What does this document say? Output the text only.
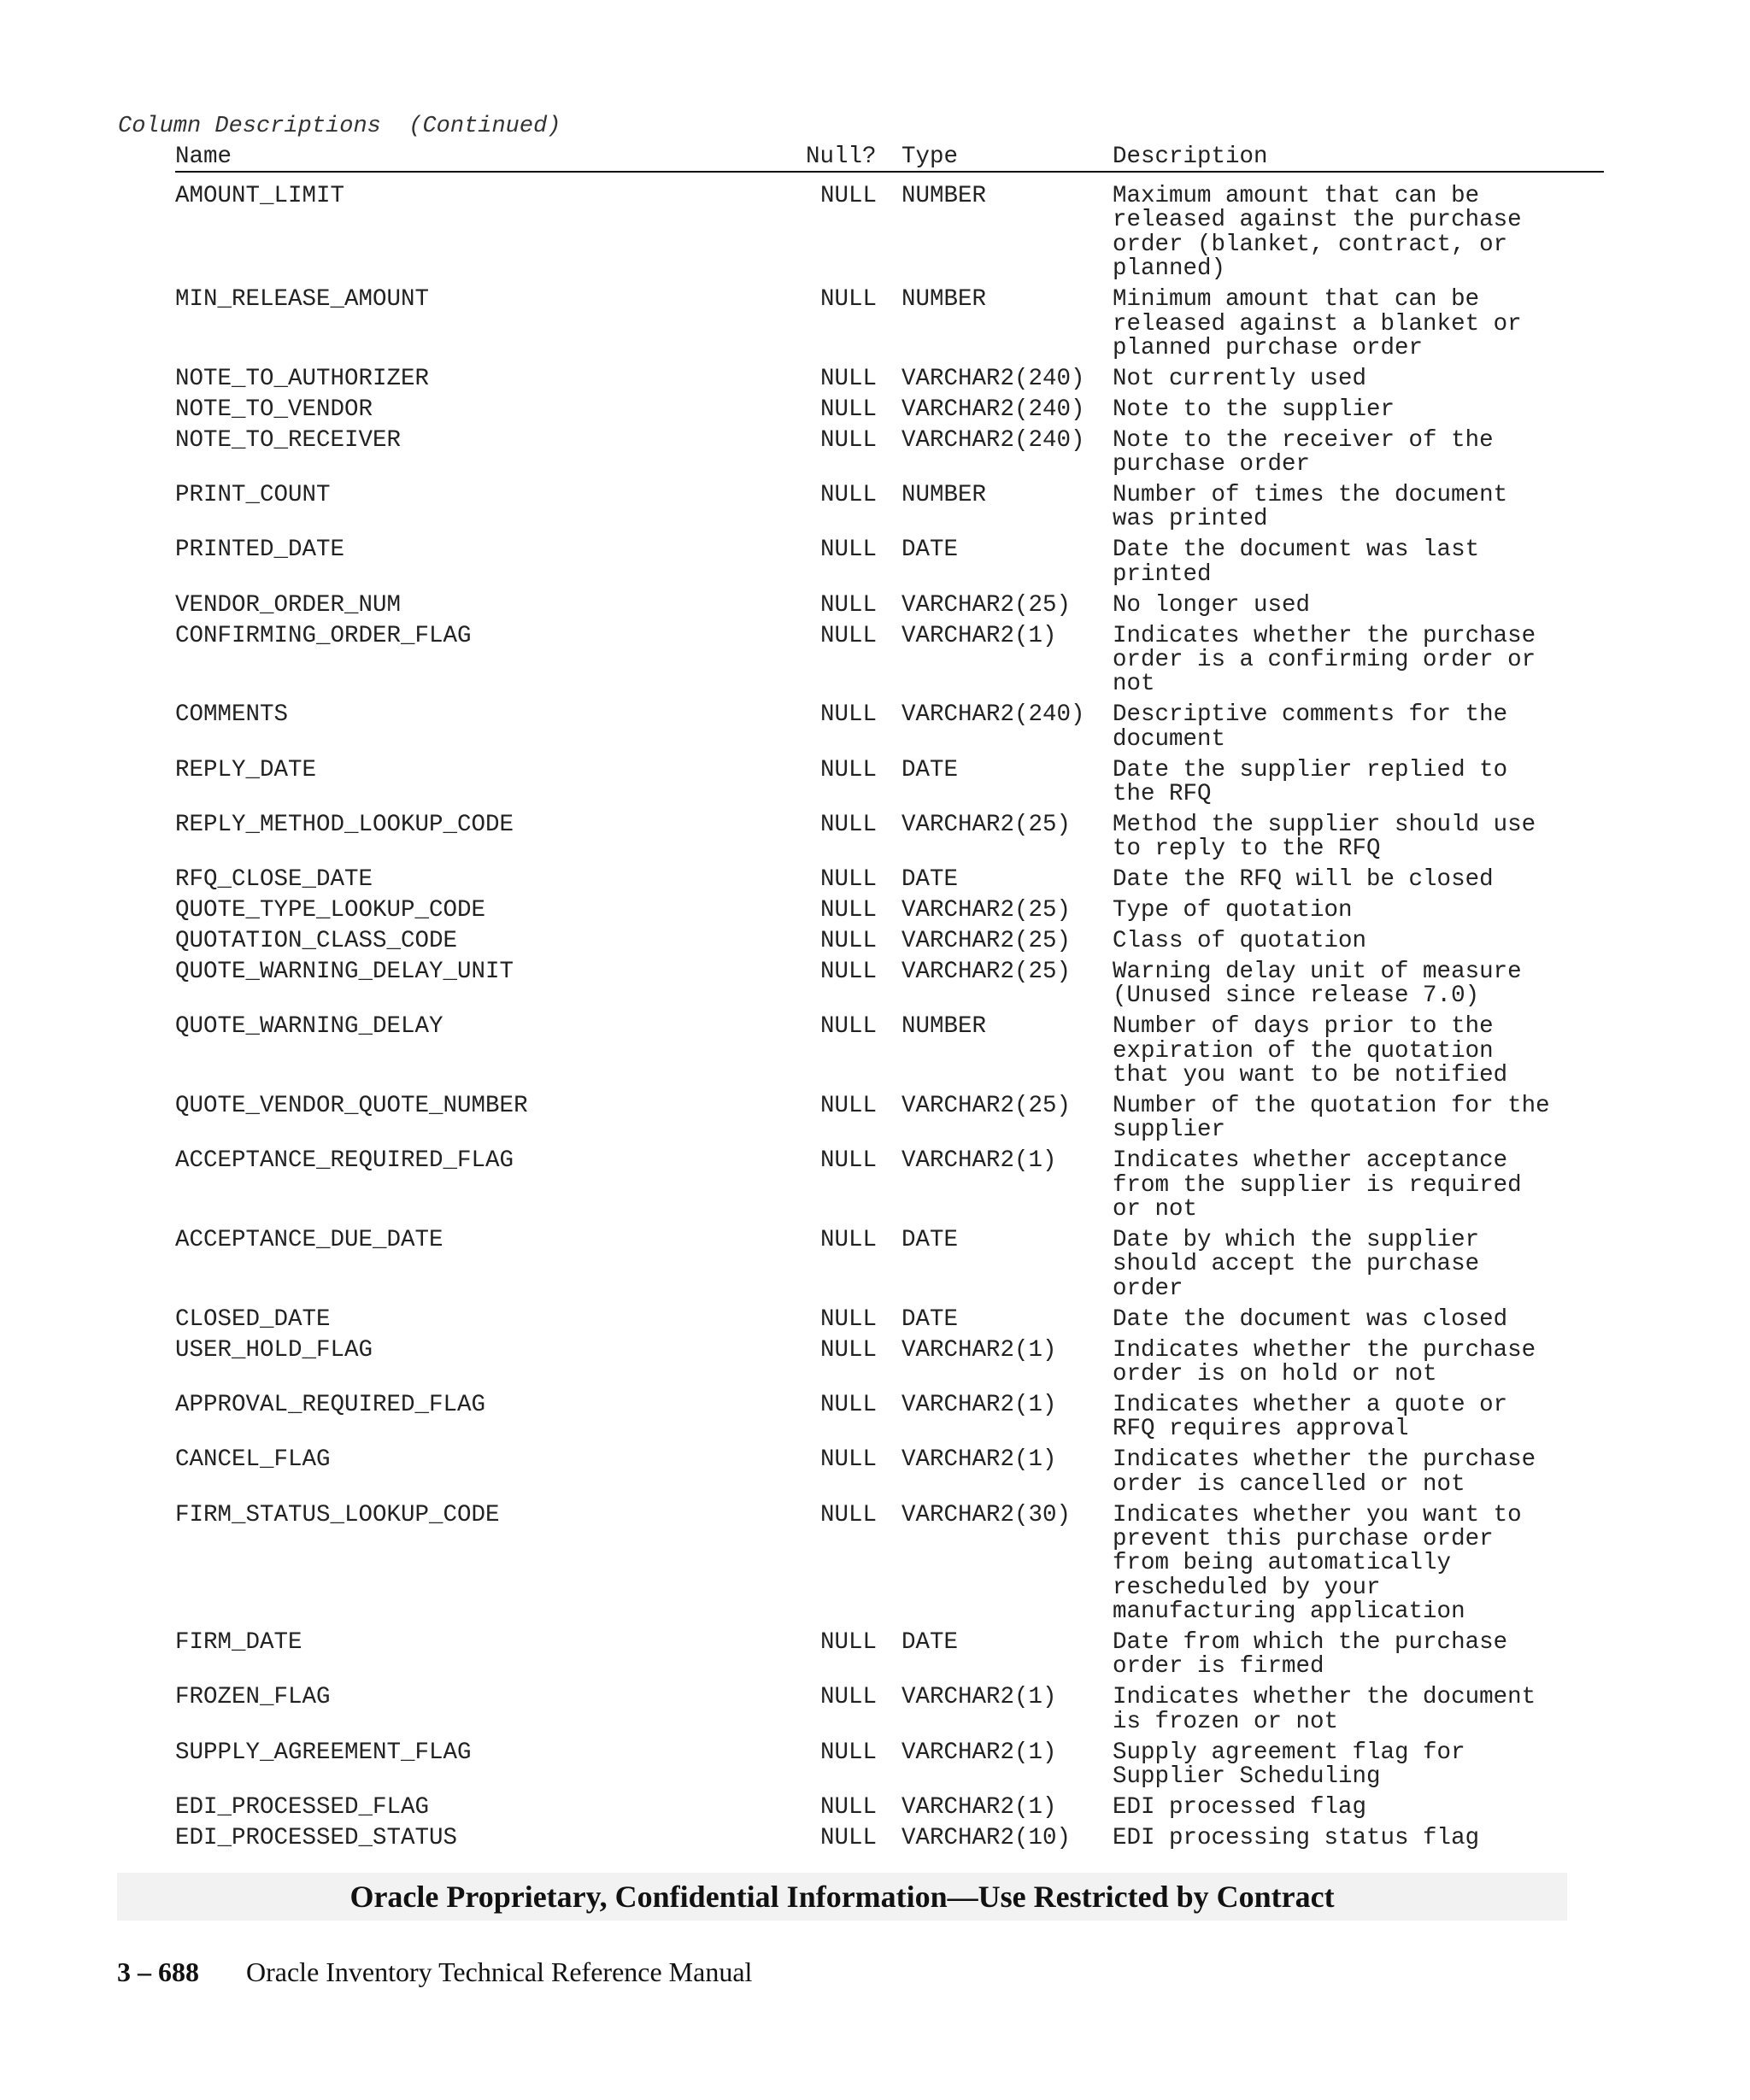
Column Descriptions  (Continued)
Name	Null? Type	Description
AMOUNT_LIMIT	NULL NUMBER	Maximum amount that can be
released against the purchase
order (blanket, contract, or
planned)
MIN_RELEASE_AMOUNT	NULL NUMBER	Minimum amount that can be
released against a blanket or
planned purchase order
NOTE_TO_AUTHORIZER	NULL VARCHAR2(240) Not currently used
NOTE_TO_VENDOR	NULL VARCHAR2(240) Note to the supplier
NOTE_TO_RECEIVER	NULL VARCHAR2(240) Note to the receiver of the
purchase order
PRINT_COUNT	NULL NUMBER	Number of times the document
was printed
PRINTED_DATE	NULL DATE	Date the document was last
printed
VENDOR_ORDER_NUM	NULL VARCHAR2(25) No longer used
CONFIRMING_ORDER_FLAG	NULL VARCHAR2(1) Indicates whether the purchase
order is a confirming order or
not
COMMENTS	NULL VARCHAR2(240) Descriptive comments for the
document
REPLY_DATE	NULL DATE	Date the supplier replied to
the RFQ
REPLY_METHOD_LOOKUP_CODE	NULL VARCHAR2(25) Method the supplier should use
to reply to the RFQ
RFQ_CLOSE_DATE	NULL DATE	Date the RFQ will be closed
QUOTE_TYPE_LOOKUP_CODE	NULL VARCHAR2(25) Type of quotation
QUOTATION_CLASS_CODE	NULL VARCHAR2(25) Class of quotation
QUOTE_WARNING_DELAY_UNIT	NULL VARCHAR2(25) Warning delay unit of measure
(Unused since release 7.0)
QUOTE_WARNING_DELAY	NULL NUMBER	Number of days prior to the
expiration of the quotation
that you want to be notified
QUOTE_VENDOR_QUOTE_NUMBER	NULL VARCHAR2(25) Number of the quotation for the
supplier
ACCEPTANCE_REQUIRED_FLAG	NULL VARCHAR2(1) Indicates whether acceptance
from the supplier is required
or not
ACCEPTANCE_DUE_DATE	NULL DATE	Date by which the supplier
should accept the purchase
order
CLOSED_DATE	NULL DATE	Date the document was closed
USER_HOLD_FLAG	NULL VARCHAR2(1) Indicates whether the purchase
order is on hold or not
APPROVAL_REQUIRED_FLAG	NULL VARCHAR2(1) Indicates whether a quote or
RFQ requires approval
CANCEL_FLAG	NULL VARCHAR2(1) Indicates whether the purchase
order is cancelled or not
FIRM_STATUS_LOOKUP_CODE	NULL VARCHAR2(30) Indicates whether you want to
prevent this purchase order
from being automatically
rescheduled by your
manufacturing application
FIRM_DATE	NULL DATE	Date from which the purchase
order is firmed
FROZEN_FLAG	NULL VARCHAR2(1) Indicates whether the document
is frozen or not
SUPPLY_AGREEMENT_FLAG	NULL VARCHAR2(1) Supply agreement flag for
Supplier Scheduling
EDI_PROCESSED_FLAG	NULL VARCHAR2(1) EDI processed flag
EDI_PROCESSED_STATUS	NULL VARCHAR2(10) EDI processing status flag
Oracle Proprietary, Confidential Information––Use Restricted by Contract
3 – 688 Oracle Inventory Technical Reference Manual
